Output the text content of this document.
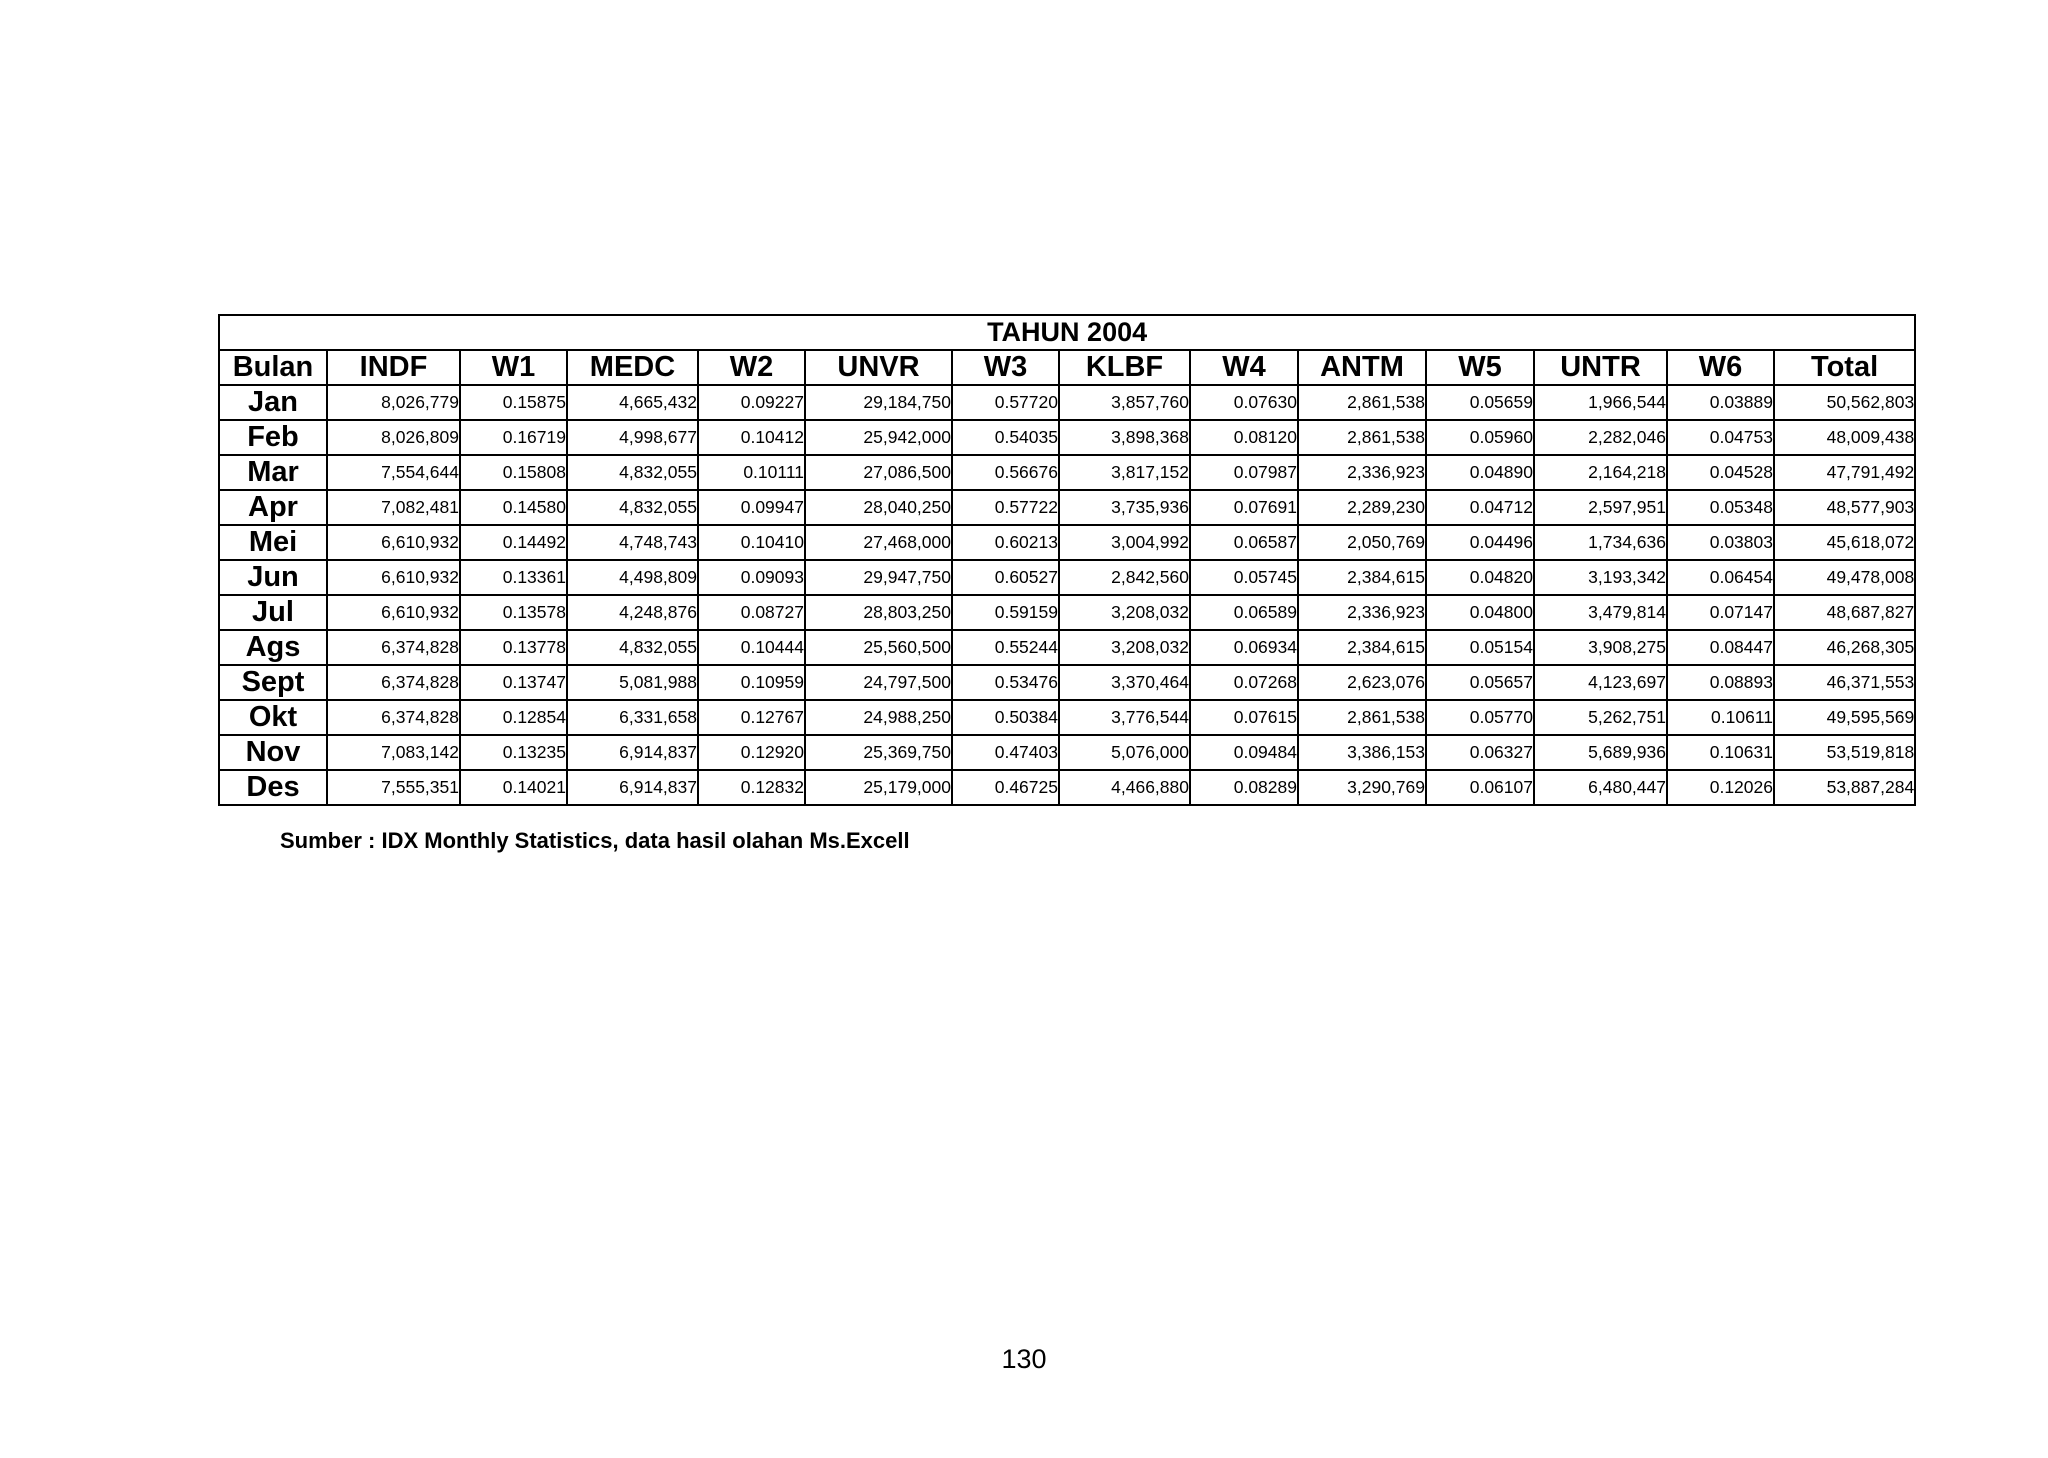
TAHUN 2004													
Bulan	INDF	W1	MEDC	W2	UNVR	W3	KLBF	W4	ANTM	W5	UNTR	W6	Total
Jan	8,026,779	0.15875	4,665,432	0.09227	29,184,750	0.57720	3,857,760	0.07630	2,861,538	0.05659	1,966,544	0.03889	50,562,803
Feb	8,026,809	0.16719	4,998,677	0.10412	25,942,000	0.54035	3,898,368	0.08120	2,861,538	0.05960	2,282,046	0.04753	48,009,438
Mar	7,554,644	0.15808	4,832,055	0.10111	27,086,500	0.56676	3,817,152	0.07987	2,336,923	0.04890	2,164,218	0.04528	47,791,492
Apr	7,082,481	0.14580	4,832,055	0.09947	28,040,250	0.57722	3,735,936	0.07691	2,289,230	0.04712	2,597,951	0.05348	48,577,903
Mei	6,610,932	0.14492	4,748,743	0.10410	27,468,000	0.60213	3,004,992	0.06587	2,050,769	0.04496	1,734,636	0.03803	45,618,072
Jun	6,610,932	0.13361	4,498,809	0.09093	29,947,750	0.60527	2,842,560	0.05745	2,384,615	0.04820	3,193,342	0.06454	49,478,008
Jul	6,610,932	0.13578	4,248,876	0.08727	28,803,250	0.59159	3,208,032	0.06589	2,336,923	0.04800	3,479,814	0.07147	48,687,827
Ags	6,374,828	0.13778	4,832,055	0.10444	25,560,500	0.55244	3,208,032	0.06934	2,384,615	0.05154	3,908,275	0.08447	46,268,305
Sept	6,374,828	0.13747	5,081,988	0.10959	24,797,500	0.53476	3,370,464	0.07268	2,623,076	0.05657	4,123,697	0.08893	46,371,553
Okt	6,374,828	0.12854	6,331,658	0.12767	24,988,250	0.50384	3,776,544	0.07615	2,861,538	0.05770	5,262,751	0.10611	49,595,569
Nov	7,083,142	0.13235	6,914,837	0.12920	25,369,750	0.47403	5,076,000	0.09484	3,386,153	0.06327	5,689,936	0.10631	53,519,818
Des	7,555,351	0.14021	6,914,837	0.12832	25,179,000	0.46725	4,466,880	0.08289	3,290,769	0.06107	6,480,447	0.12026	53,887,284
Sumber : IDX Monthly Statistics, data hasil olahan Ms.Excell
130
